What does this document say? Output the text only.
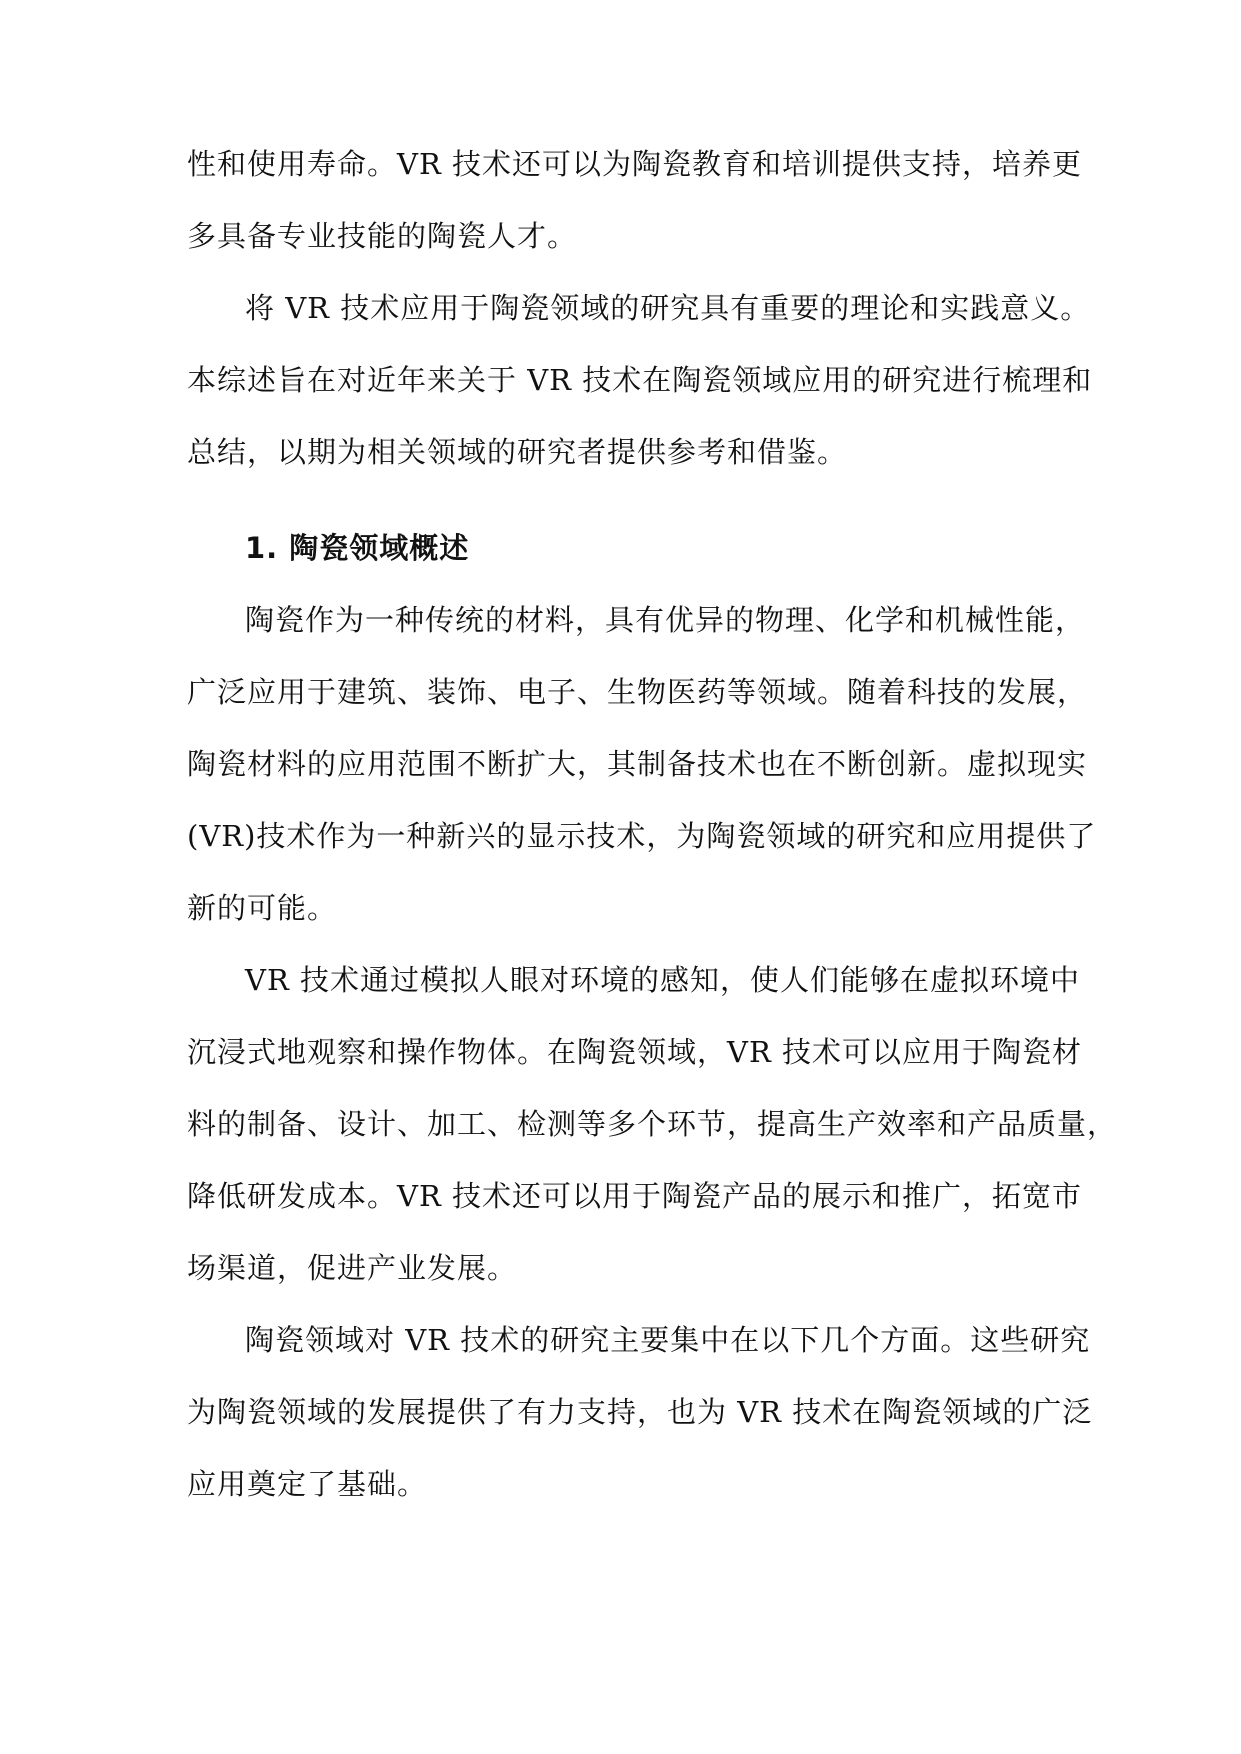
性和使用寿命。VR 技术还可以为陶瓷教育和培训提供支持，培养更
多具备专业技能的陶瓷人才。
将 VR 技术应用于陶瓷领域的研究具有重要的理论和实践意义。
本综述旨在对近年来关于 VR 技术在陶瓷领域应用的研究进行梳理和
总结，以期为相关领域的研究者提供参考和借鉴。
1. 陶瓷领域概述
陶瓷作为一种传统的材料，具有优异的物理、化学和机械性能，
广泛应用于建筑、装饰、电子、生物医药等领域。随着科技的发展，
陶瓷材料的应用范围不断扩大，其制备技术也在不断创新。虚拟现实
(VR)技术作为一种新兴的显示技术，为陶瓷领域的研究和应用提供了
新的可能。
VR 技术通过模拟人眼对环境的感知，使人们能够在虚拟环境中
沉浸式地观察和操作物体。在陶瓷领域，VR 技术可以应用于陶瓷材
料的制备、设计、加工、检测等多个环节，提高生产效率和产品质量，
降低研发成本。VR 技术还可以用于陶瓷产品的展示和推广，拓宽市
场渠道，促进产业发展。
陶瓷领域对 VR 技术的研究主要集中在以下几个方面。这些研究
为陶瓷领域的发展提供了有力支持，也为 VR 技术在陶瓷领域的广泛
应用奠定了基础。
